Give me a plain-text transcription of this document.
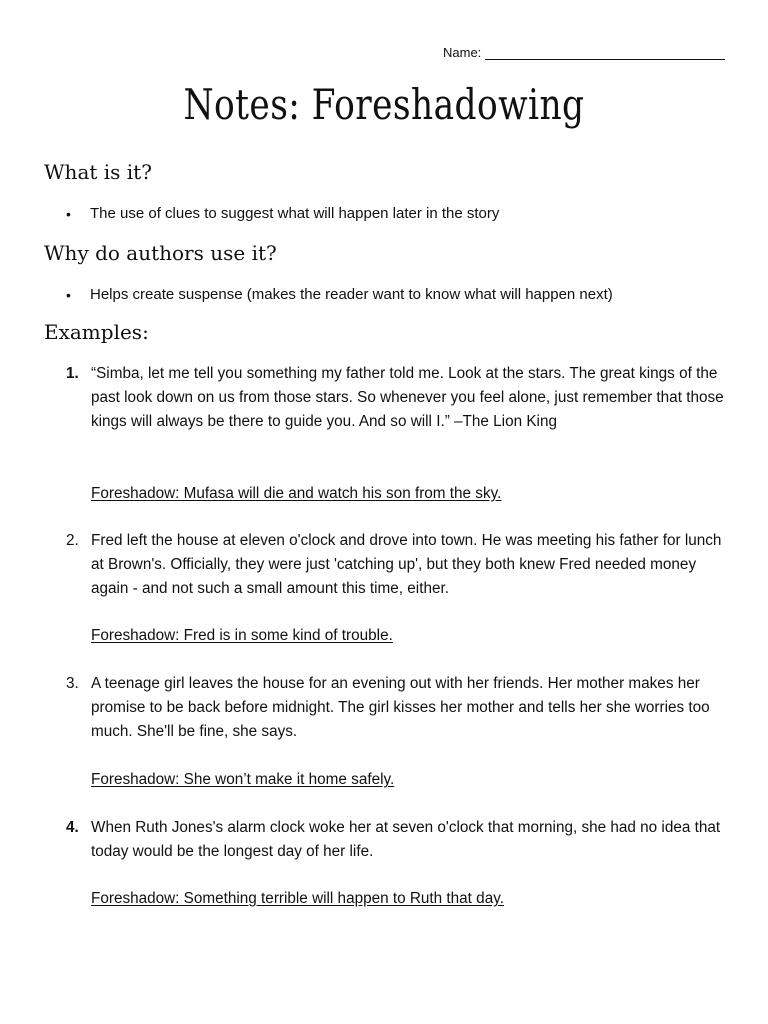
Name:
Notes: Foreshadowing
What is it?
•	The use of clues to suggest what will happen later in the story
Why do authors use it?
•	Helps create suspense (makes the reader want to know what will happen next)
Examples:
1. “Simba, let me tell you something my father told me. Look at the stars. The great kings of the past look down on us from those stars. So whenever you feel alone, just remember that those kings will always be there to guide you. And so will I.” –The Lion King
Foreshadow: Mufasa will die and watch his son from the sky.
2. Fred left the house at eleven o'clock and drove into town. He was meeting his father for lunch at Brown's. Officially, they were just 'catching up', but they both knew Fred needed money again - and not such a small amount this time, either.
Foreshadow: Fred is in some kind of trouble.
3. A teenage girl leaves the house for an evening out with her friends. Her mother makes her promise to be back before midnight. The girl kisses her mother and tells her she worries too much. She'll be fine, she says.
Foreshadow: She won’t make it home safely.
4. When Ruth Jones's alarm clock woke her at seven o'clock that morning, she had no idea that today would be the longest day of her life.
Foreshadow: Something terrible will happen to Ruth that day.
